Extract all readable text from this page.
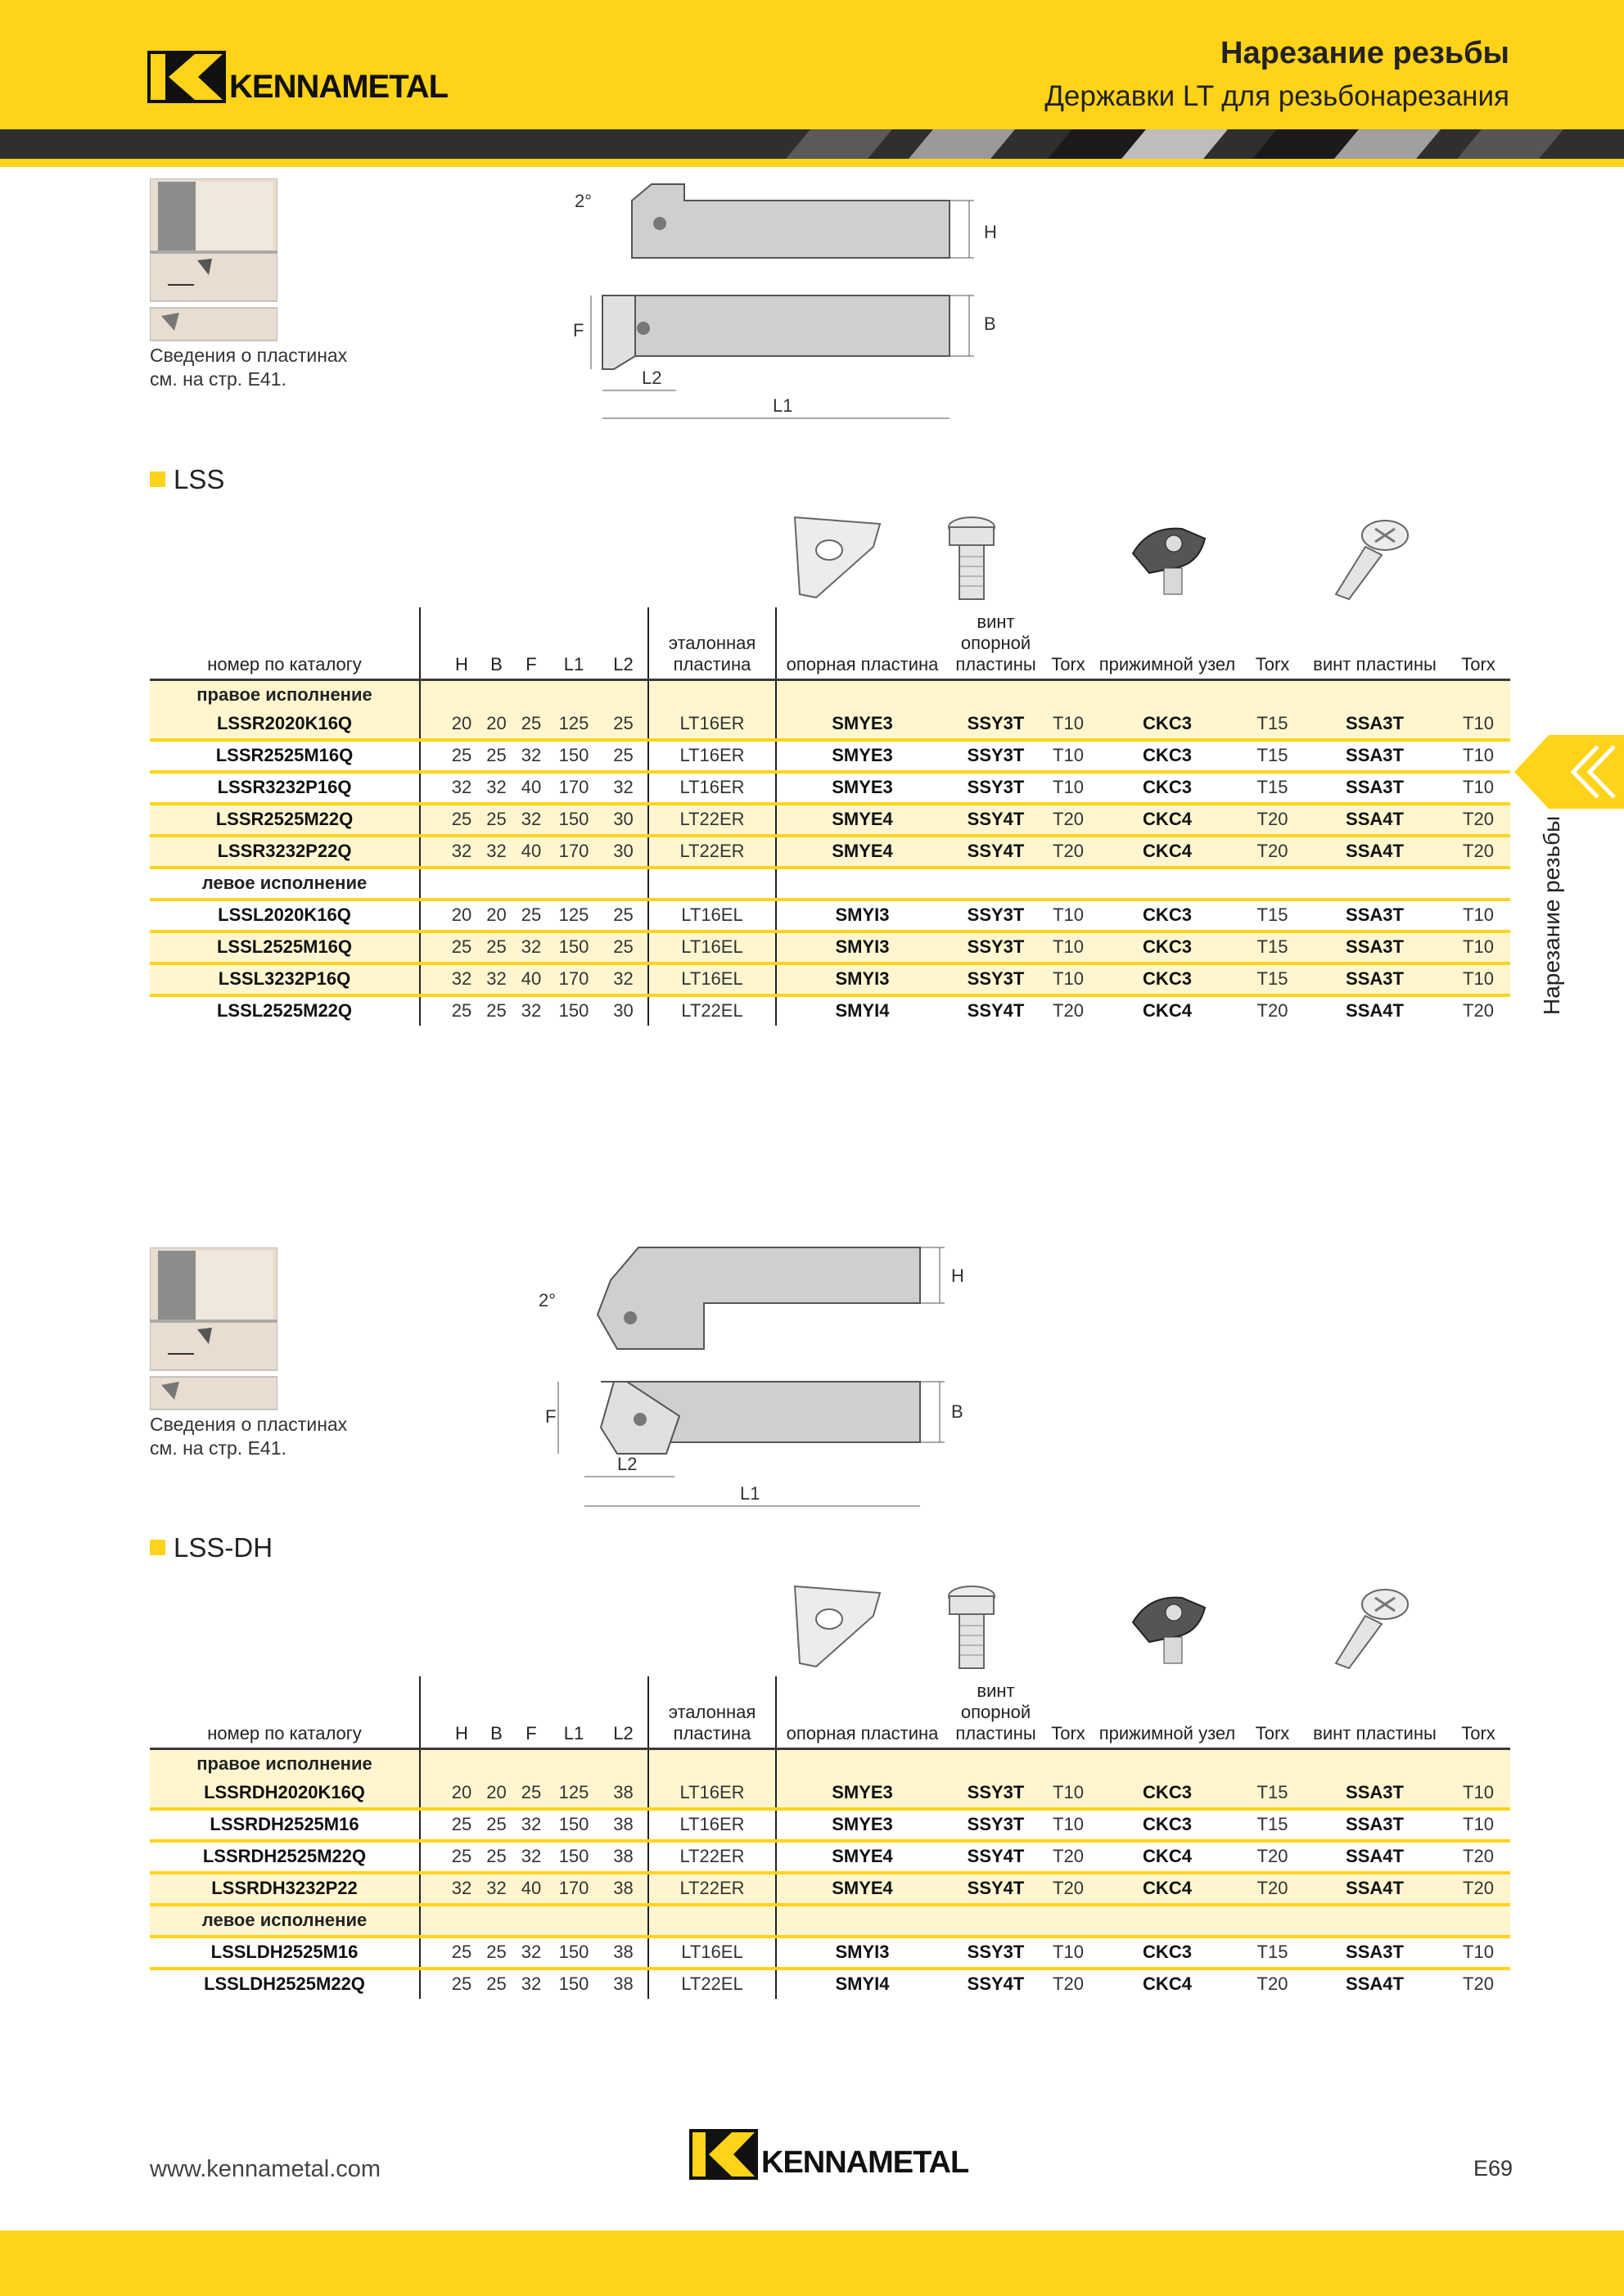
KENNAMETAL
Нарезание резьбы
Державки LT для резьбонарезания
Нарезание резьбы
Сведения о пластинах см. на стр. E41.
H
B
F
L2
L1
2°
LSS
номер по каталогу		H	B	F	L1	L2	эталонная пластина	опорная пластина	винт опорной пластины	Torx	прижимной узел	Torx	винт пластины	Torx
правое исполнение														
LSSR2020K16Q		20	20	25	125	25	LT16ER	SMYE3	SSY3T	T10	CKC3	T15	SSA3T	T10
LSSR2525M16Q		25	25	32	150	25	LT16ER	SMYE3	SSY3T	T10	CKC3	T15	SSA3T	T10
LSSR3232P16Q		32	32	40	170	32	LT16ER	SMYE3	SSY3T	T10	CKC3	T15	SSA3T	T10
LSSR2525M22Q		25	25	32	150	30	LT22ER	SMYE4	SSY4T	T20	CKC4	T20	SSA4T	T20
LSSR3232P22Q		32	32	40	170	30	LT22ER	SMYE4	SSY4T	T20	CKC4	T20	SSA4T	T20
левое исполнение														
LSSL2020K16Q		20	20	25	125	25	LT16EL	SMYI3	SSY3T	T10	CKC3	T15	SSA3T	T10
LSSL2525M16Q		25	25	32	150	25	LT16EL	SMYI3	SSY3T	T10	CKC3	T15	SSA3T	T10
LSSL3232P16Q		32	32	40	170	32	LT16EL	SMYI3	SSY3T	T10	CKC3	T15	SSA3T	T10
LSSL2525M22Q		25	25	32	150	30	LT22EL	SMYI4	SSY4T	T20	CKC4	T20	SSA4T	T20
Сведения о пластинах см. на стр. E41.
H
B
F
L2
L1
2°
LSS-DH
номер по каталогу		H	B	F	L1	L2	эталонная пластина	опорная пластина	винт опорной пластины	Torx	прижимной узел	Torx	винт пластины	Torx
правое исполнение														
LSSRDH2020K16Q		20	20	25	125	38	LT16ER	SMYE3	SSY3T	T10	CKC3	T15	SSA3T	T10
LSSRDH2525M16		25	25	32	150	38	LT16ER	SMYE3	SSY3T	T10	CKC3	T15	SSA3T	T10
LSSRDH2525M22Q		25	25	32	150	38	LT22ER	SMYE4	SSY4T	T20	CKC4	T20	SSA4T	T20
LSSRDH3232P22		32	32	40	170	38	LT22ER	SMYE4	SSY4T	T20	CKC4	T20	SSA4T	T20
левое исполнение														
LSSLDH2525M16		25	25	32	150	38	LT16EL	SMYI3	SSY3T	T10	CKC3	T15	SSA3T	T10
LSSLDH2525M22Q		25	25	32	150	38	LT22EL	SMYI4	SSY4T	T20	CKC4	T20	SSA4T	T20
www.kennametal.com	KENNAMETAL	E69
